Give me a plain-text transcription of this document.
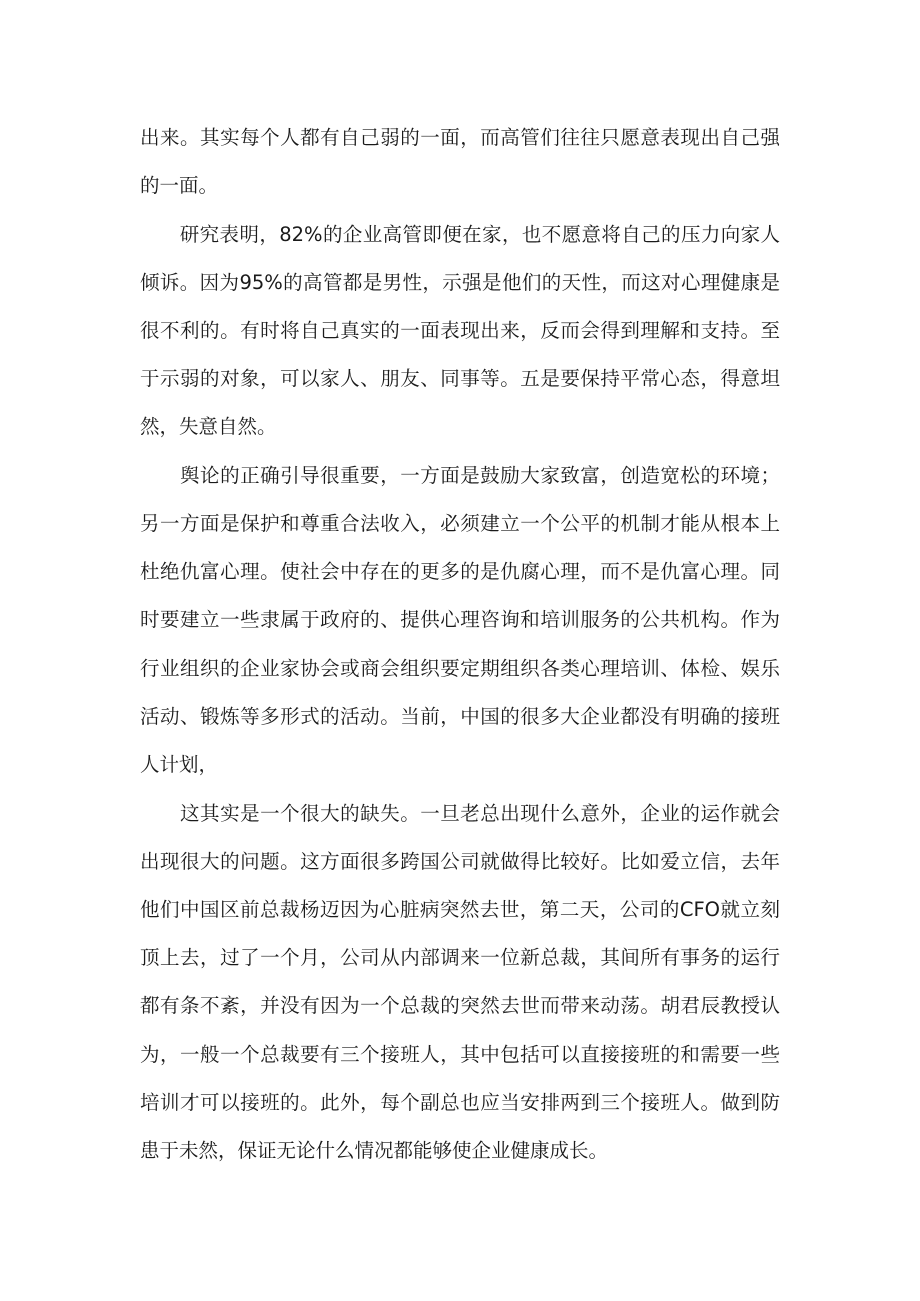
出来。其实每个人都有自己弱的一面，而高管们往往只愿意表现出自己强

的一面。

　　研究表明，82%的企业高管即便在家，也不愿意将自己的压力向家人

倾诉。因为95%的高管都是男性，示强是他们的天性，而这对心理健康是

很不利的。有时将自己真实的一面表现出来，反而会得到理解和支持。至

于示弱的对象，可以家人、朋友、同事等。五是要保持平常心态，得意坦

然，失意自然。

　　舆论的正确引导很重要，一方面是鼓励大家致富，创造宽松的环境；

另一方面是保护和尊重合法收入，必须建立一个公平的机制才能从根本上

杜绝仇富心理。使社会中存在的更多的是仇腐心理，而不是仇富心理。同

时要建立一些隶属于政府的、提供心理咨询和培训服务的公共机构。作为

行业组织的企业家协会或商会组织要定期组织各类心理培训、体检、娱乐

活动、锻炼等多形式的活动。当前，中国的很多大企业都没有明确的接班

人计划，

　　这其实是一个很大的缺失。一旦老总出现什么意外，企业的运作就会

出现很大的问题。这方面很多跨国公司就做得比较好。比如爱立信，去年

他们中国区前总裁杨迈因为心脏病突然去世，第二天，公司的CFO就立刻

顶上去，过了一个月，公司从内部调来一位新总裁，其间所有事务的运行

都有条不紊，并没有因为一个总裁的突然去世而带来动荡。胡君辰教授认

为，一般一个总裁要有三个接班人，其中包括可以直接接班的和需要一些

培训才可以接班的。此外，每个副总也应当安排两到三个接班人。做到防

患于未然，保证无论什么情况都能够使企业健康成长。
